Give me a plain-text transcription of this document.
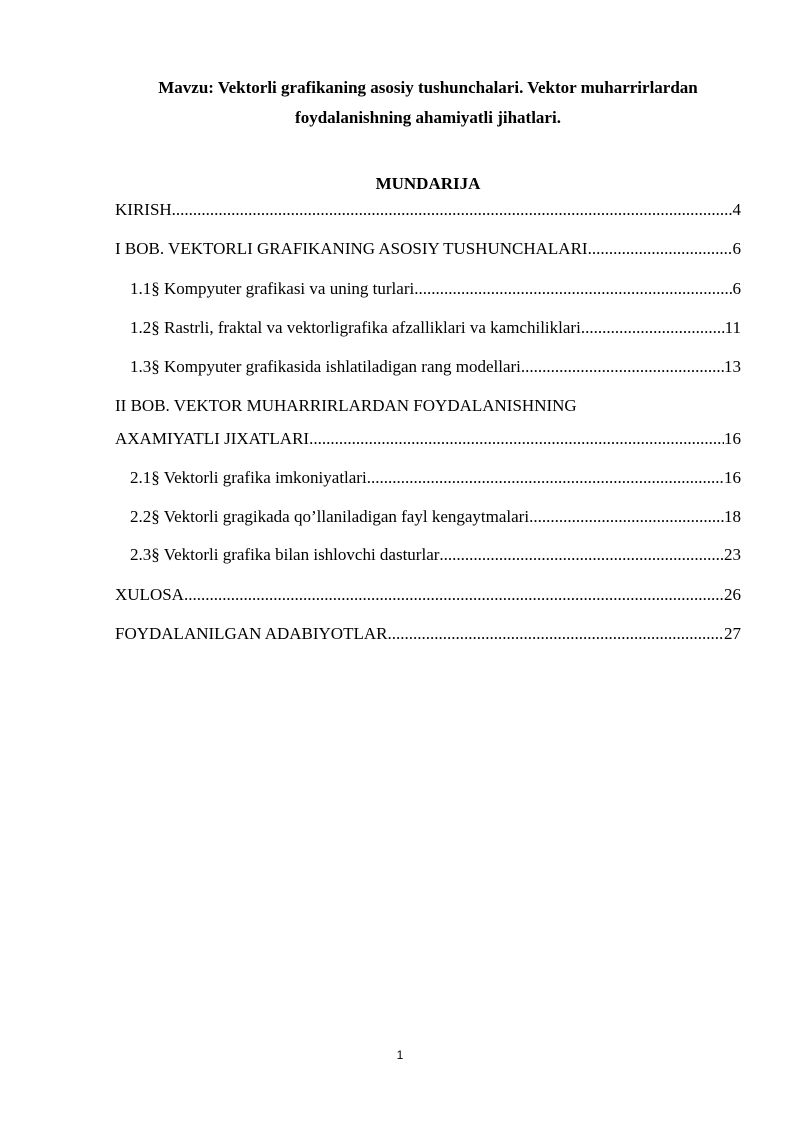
Mavzu: Vektorli grafikaning asosiy tushunchalari. Vektor muharrirlardan
foydalanishning ahamiyatli jihatlari.
MUNDARIJA
KIRISH .....	4
I BOB. VEKTORLI GRAFIKANING ASOSIY TUSHUNCHALARI .....	6
1.1§ Kompyuter grafikasi va uning turlari .....	6
1.2§ Rastrli, fraktal va vektorligrafika afzalliklari va kamchiliklari .....	11
1.3§ Kompyuter grafikasida ishlatiladigan rang modellari .....	13
II BOB. VEKTOR MUHARRIRLARDAN FOYDALANISHNING
AXAMIYATLI JIXATLARI .....	16
2.1§ Vektorli grafika imkoniyatlari .....	16
2.2§ Vektorli gragikada qo’llaniladigan fayl kengaytmalari .....	18
2.3§ Vektorli grafika bilan ishlovchi dasturlar .....	23
XULOSA .....	26
FOYDALANILGAN ADABIYOTLAR .....	27
1
